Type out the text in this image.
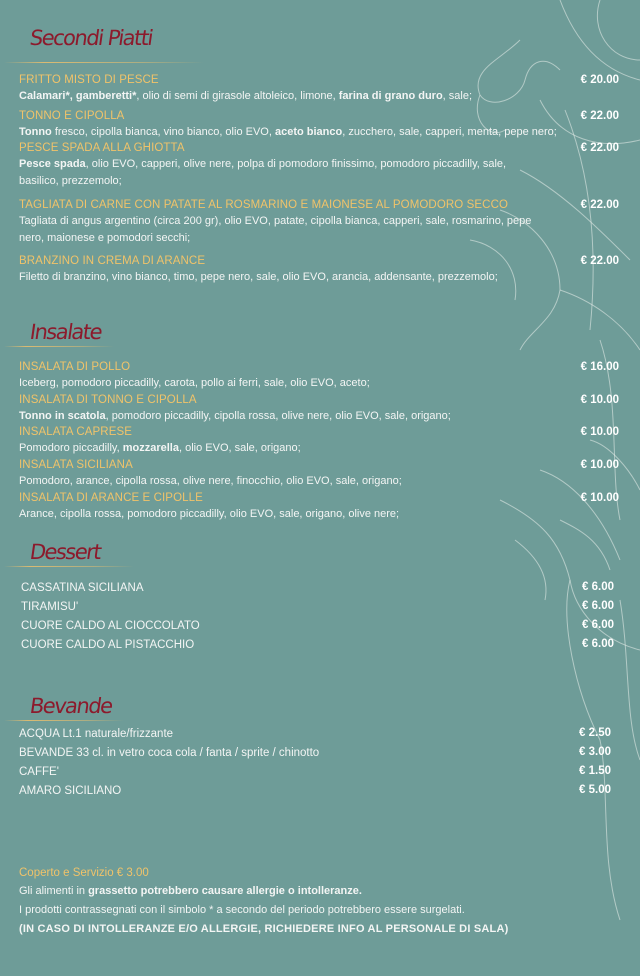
Secondi Piatti
FRITTO MISTO DI PESCE	€ 20.00
Calamari*, gamberetti*, olio di semi di girasole altoleico, limone, farina di grano duro, sale;
TONNO E CIPOLLA	€ 22.00
Tonno fresco, cipolla bianca, vino bianco, olio EVO, aceto bianco, zucchero, sale, capperi, menta, pepe nero;
PESCE SPADA ALLA GHIOTTA	€ 22.00
Pesce spada, olio EVO, capperi, olive nere, polpa di pomodoro finissimo, pomodoro piccadilly, sale, basilico, prezzemolo;
TAGLIATA DI CARNE CON PATATE AL ROSMARINO E MAIONESE AL POMODORO SECCO	€ 22.00
Tagliata di angus argentino (circa 200 gr), olio EVO, patate, cipolla bianca, capperi, sale, rosmarino, pepe nero, maionese e pomodori secchi;
BRANZINO IN CREMA DI ARANCE	€ 22.00
Filetto di branzino, vino bianco, timo, pepe nero, sale, olio EVO, arancia, addensante, prezzemolo;
Insalate
INSALATA DI POLLO	€ 16.00
Iceberg, pomodoro piccadilly, carota, pollo ai ferri, sale, olio EVO, aceto;
INSALATA DI TONNO E CIPOLLA	€ 10.00
Tonno in scatola, pomodoro piccadilly, cipolla rossa, olive nere, olio EVO, sale, origano;
INSALATA CAPRESE	€ 10.00
Pomodoro piccadilly, mozzarella, olio EVO, sale, origano;
INSALATA SICILIANA	€ 10.00
Pomodoro, arance, cipolla rossa, olive nere, finocchio, olio EVO, sale, origano;
INSALATA DI ARANCE E CIPOLLE	€ 10.00
Arance, cipolla rossa, pomodoro piccadilly, olio EVO, sale, origano, olive nere;
Dessert
CASSATINA SICILIANA	€ 6.00
TIRAMISU'	€ 6.00
CUORE CALDO AL CIOCCOLATO	€ 6.00
CUORE CALDO AL PISTACCHIO	€ 6.00
Bevande
ACQUA Lt.1 naturale/frizzante	€ 2.50
BEVANDE 33 cl. in vetro coca cola / fanta / sprite / chinotto	€ 3.00
CAFFE'	€ 1.50
AMARO SICILIANO	€ 5.00
Coperto e Servizio € 3.00
Gli alimenti in grassetto potrebbero causare allergie o intolleranze.
I prodotti contrassegnati con il simbolo * a secondo del periodo potrebbero essere surgelati.
(IN CASO DI INTOLLERANZE E/O ALLERGIE, RICHIEDERE INFO AL PERSONALE DI SALA)
